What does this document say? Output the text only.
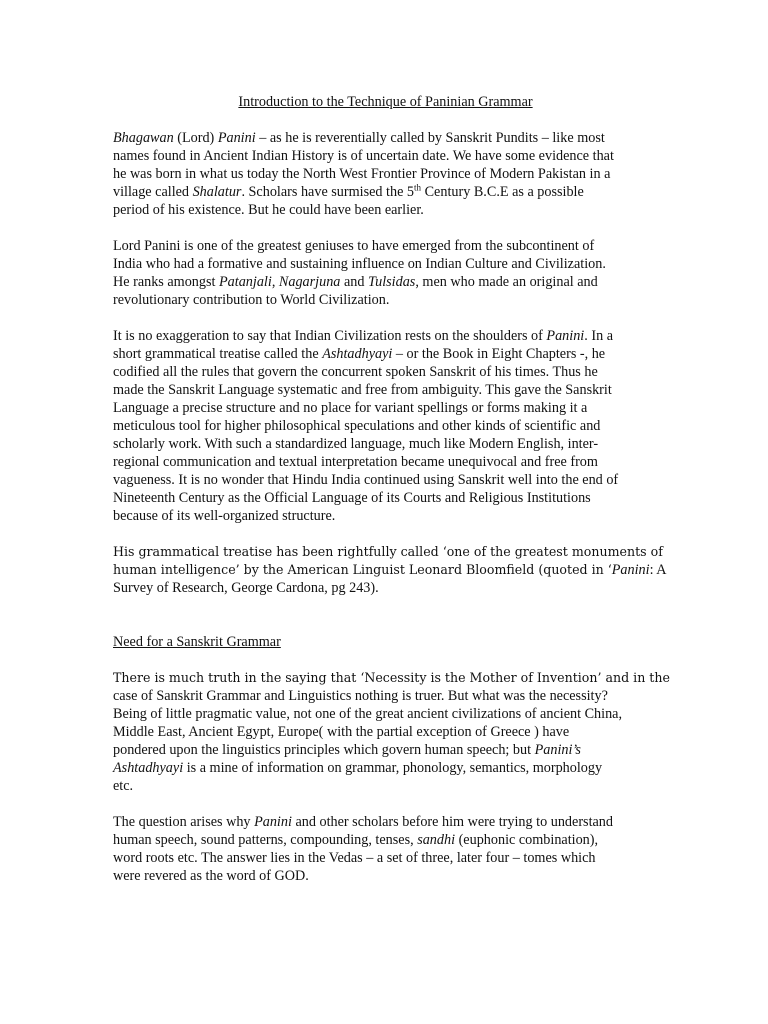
Introduction to the Technique of Paninian Grammar

Bhagawan (Lord) Panini – as he is reverentially called by Sanskrit Pundits – like most
names found in Ancient Indian History is of uncertain date. We have some evidence that
he was born in what us today the North West Frontier Province of Modern Pakistan in a
village called Shalatur. Scholars have surmised the 5th Century B.C.E as a possible
period of his existence. But he could have been earlier.

Lord Panini is one of the greatest geniuses to have emerged from the subcontinent of
India who had a formative and sustaining influence on Indian Culture and Civilization.
He ranks amongst Patanjali, Nagarjuna and Tulsidas, men who made an original and
revolutionary contribution to World Civilization.

It is no exaggeration to say that Indian Civilization rests on the shoulders of Panini. In a
short grammatical treatise called the Ashtadhyayi – or the Book in Eight Chapters -, he
codified all the rules that govern the concurrent spoken Sanskrit of his times. Thus he
made the Sanskrit Language systematic and free from ambiguity. This gave the Sanskrit
Language a precise structure and no place for variant spellings or forms making it a
meticulous tool for higher philosophical speculations and other kinds of scientific and
scholarly work. With such a standardized language, much like Modern English, inter-
regional communication and textual interpretation became unequivocal and free from
vagueness. It is no wonder that Hindu India continued using Sanskrit well into the end of
Nineteenth Century as the Official Language of its Courts and Religious Institutions
because of its well-organized structure.

His grammatical treatise has been rightfully called ‘one of the greatest monuments of
human intelligence’ by the American Linguist Leonard Bloomfield (quoted in ‘Panini: A
Survey of Research, George Cardona, pg 243).

Need for a Sanskrit Grammar

There is much truth in the saying that ‘Necessity is the Mother of Invention’ and in the
case of Sanskrit Grammar and Linguistics nothing is truer. But what was the necessity?
Being of little pragmatic value, not one of the great ancient civilizations of ancient China,
Middle East, Ancient Egypt, Europe( with the partial exception of Greece ) have
pondered upon the linguistics principles which govern human speech; but Panini’s
Ashtadhyayi is a mine of information on grammar, phonology, semantics, morphology
etc.

The question arises why Panini and other scholars before him were trying to understand
human speech, sound patterns, compounding, tenses, sandhi (euphonic combination),
word roots etc. The answer lies in the Vedas – a set of three, later four – tomes which
were revered as the word of GOD.
